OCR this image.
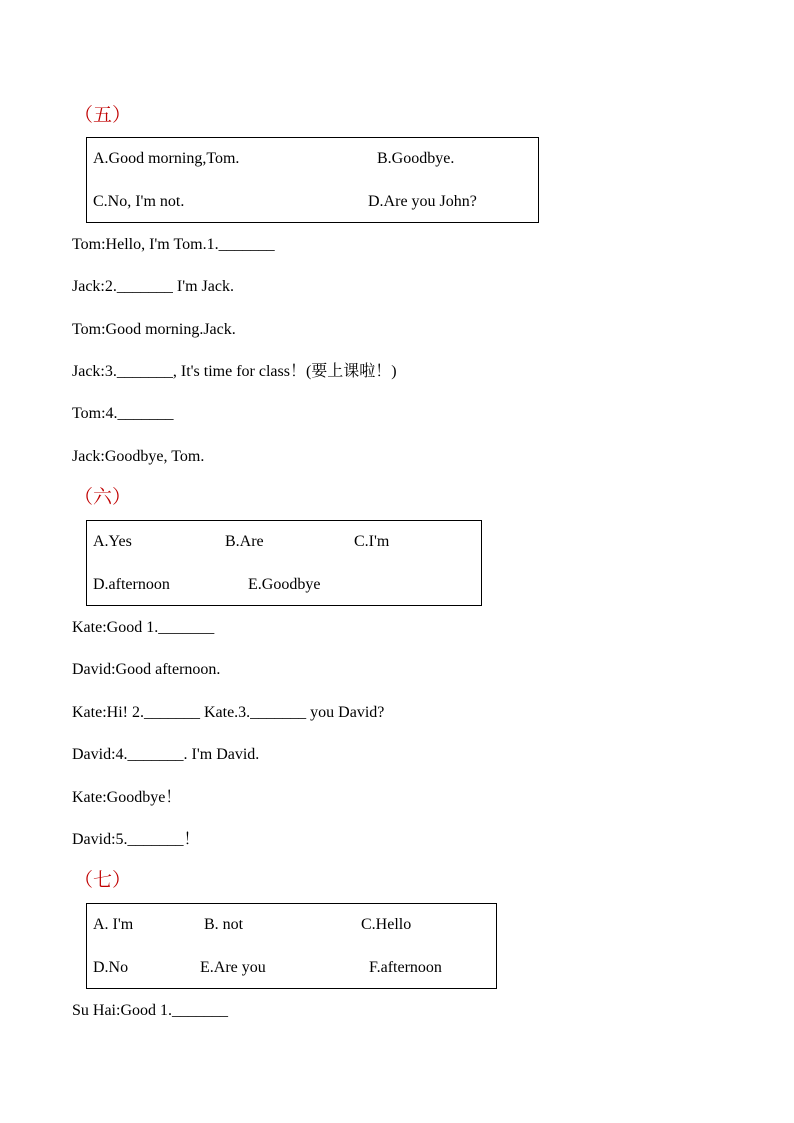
（五）
A.Good morning,Tom.	B.Goodbye.
C.No, I'm not.	D.Are you John?
Tom:Hello, I'm Tom.1._______
Jack:2._______ I'm Jack.
Tom:Good morning.Jack.
Jack:3._______, It's time for class！(要上课啦！)
Tom:4._______
Jack:Goodbye, Tom.
（六）
A.Yes	B.Are	C.I'm
D.afternoon	E.Goodbye
Kate:Good 1._______
David:Good afternoon.
Kate:Hi! 2._______ Kate.3._______ you David?
David:4._______. I'm David.
Kate:Goodbye！
David:5._______！
（七）
A. I'm	B. not	C.Hello
D.No	E.Are you	F.afternoon
Su Hai:Good 1._______
